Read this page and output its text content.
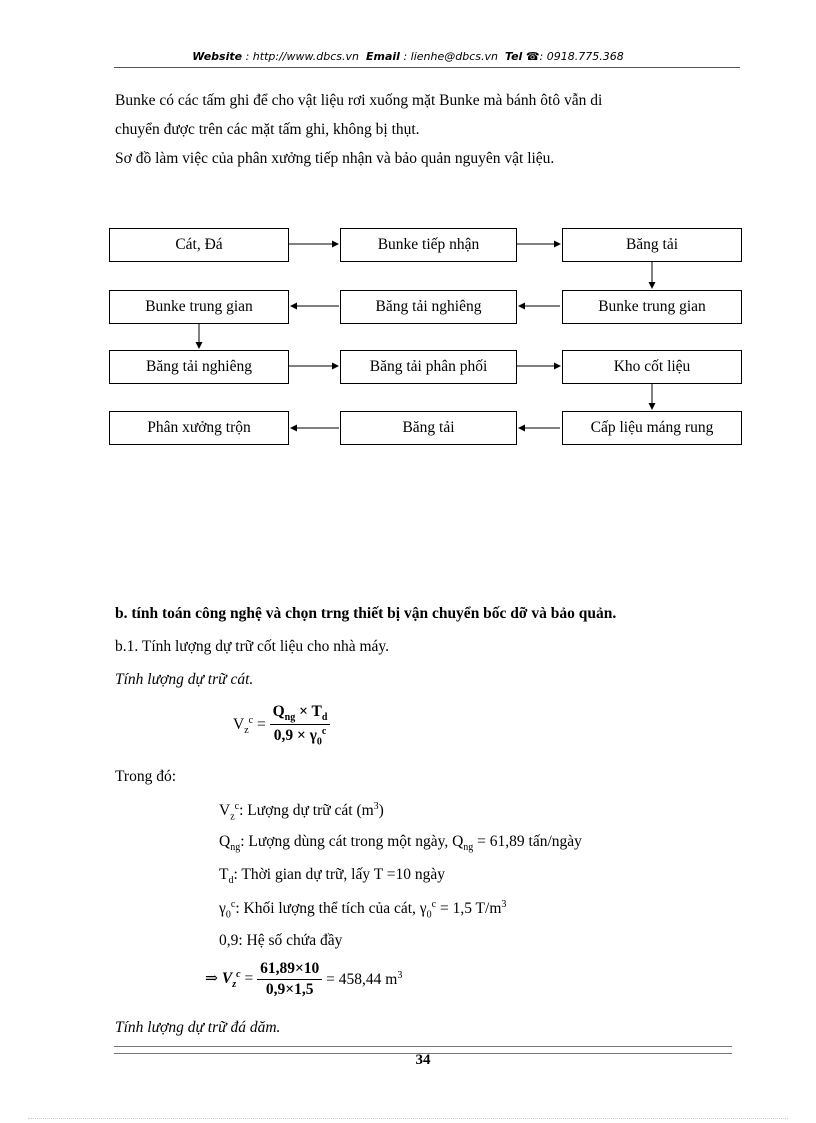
Website : http://www.dbcs.vn Email : lienhe@dbcs.vn Tel ☎: 0918.775.368
Bunke có các tấm ghi để cho vật liệu rơi xuống mặt Bunke mà bánh ôtô vẫn di
chuyển được trên các mặt tấm ghi, không bị thụt.
Sơ đồ làm việc của phân xưởng tiếp nhận và bảo quản nguyên vật liệu.
Cát, Đá	Bunke tiếp nhận	Băng tải
Bunke trung gian	Băng tải nghiêng	Bunke trung gian
Băng tải nghiêng	Băng tải phân phối	Kho cốt liệu
Phân xưởng trộn	Băng tải	Cấp liệu máng rung
b. tính toán công nghệ và chọn trng thiết bị vận chuyển bốc dỡ và bảo quản.
b.1. Tính lượng dự trữ cốt liệu cho nhà máy.
Tính lượng dự trữ cát.
$V_z^c = \frac{Q_{ng} \times T_d}{0,9 \times \gamma_0^c}$
Trong đó:
$V_z^c$: Lượng dự trữ cát $(m^3)$
$Q_{ng}$: Lượng dùng cát trong một ngày, $Q_{ng} = 61,89$ tấn/ngày
$T_d$: Thời gian dự trữ, lấy T =10 ngày
$\gamma_0^c$: Khối lượng thể tích của cát, $\gamma_0^c = 1,5$ $T/m^3$
0,9: Hệ số chứa đầy
⇒ $V_z^c = \frac{61,89\times 10}{0,9\times 1,5} = 458,44$ $m^3$
Tính lượng dự trữ đá dăm.
34
